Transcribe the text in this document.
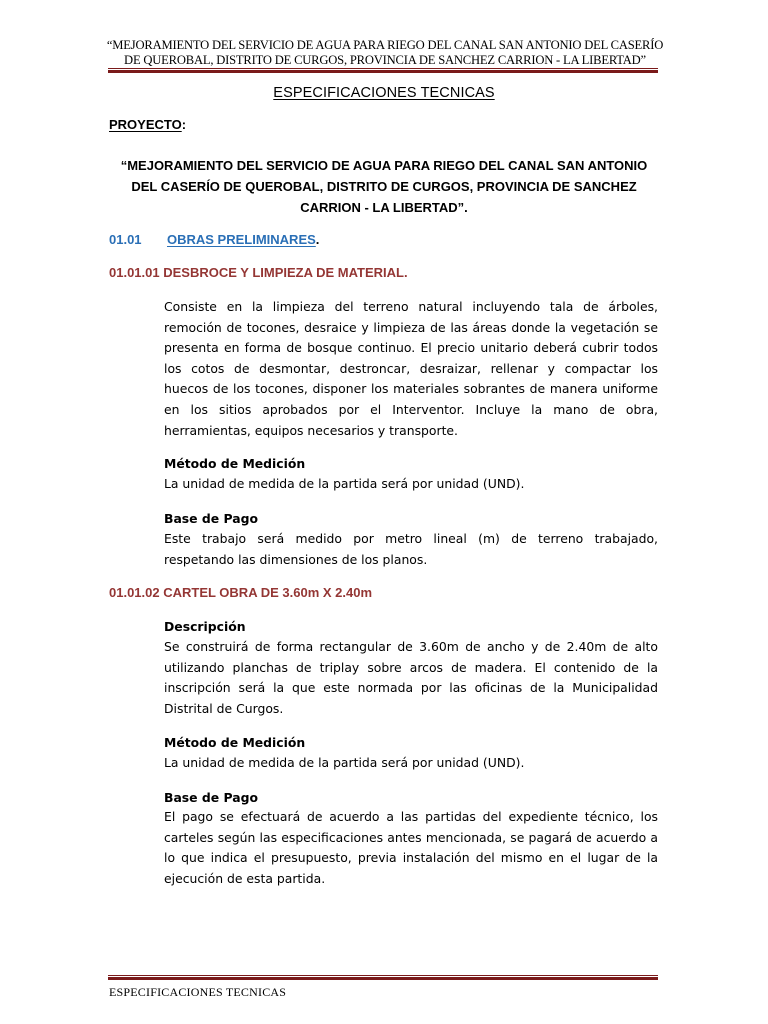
“MEJORAMIENTO DEL SERVICIO DE AGUA PARA RIEGO DEL CANAL SAN ANTONIO DEL CASERÍO
DE QUEROBAL, DISTRITO DE CURGOS, PROVINCIA DE SANCHEZ CARRION - LA LIBERTAD”
ESPECIFICACIONES TECNICAS
PROYECTO:
“MEJORAMIENTO DEL SERVICIO DE AGUA PARA RIEGO DEL CANAL SAN ANTONIO
DEL CASERÍO DE QUEROBAL, DISTRITO DE CURGOS, PROVINCIA DE SANCHEZ
CARRION - LA LIBERTAD”.
01.01 OBRAS PRELIMINARES.
01.01.01 DESBROCE Y LIMPIEZA DE MATERIAL.
Consiste en la limpieza del terreno natural incluyendo tala de árboles,
remoción de tocones, desraice y limpieza de las áreas donde la vegetación se
presenta en forma de bosque continuo. El precio unitario deberá cubrir todos
los cotos de desmontar, destroncar, desraizar, rellenar y compactar los
huecos de los tocones, disponer los materiales sobrantes de manera uniforme
en los sitios aprobados por el Interventor. Incluye la mano de obra,
herramientas, equipos necesarios y transporte.
Método de Medición
La unidad de medida de la partida será por unidad (UND).
Base de Pago
Este trabajo será medido por metro lineal (m) de terreno trabajado,
respetando las dimensiones de los planos.
01.01.02 CARTEL OBRA DE 3.60m X 2.40m
Descripción
Se construirá de forma rectangular de 3.60m de ancho y de 2.40m de alto
utilizando planchas de triplay sobre arcos de madera. El contenido de la
inscripción será la que este normada por las oficinas de la Municipalidad
Distrital de Curgos.
Método de Medición
La unidad de medida de la partida será por unidad (UND).
Base de Pago
El pago se efectuará de acuerdo a las partidas del expediente técnico, los
carteles según las especificaciones antes mencionada, se pagará de acuerdo a
lo que indica el presupuesto, previa instalación del mismo en el lugar de la
ejecución de esta partida.
ESPECIFICACIONES TECNICAS
